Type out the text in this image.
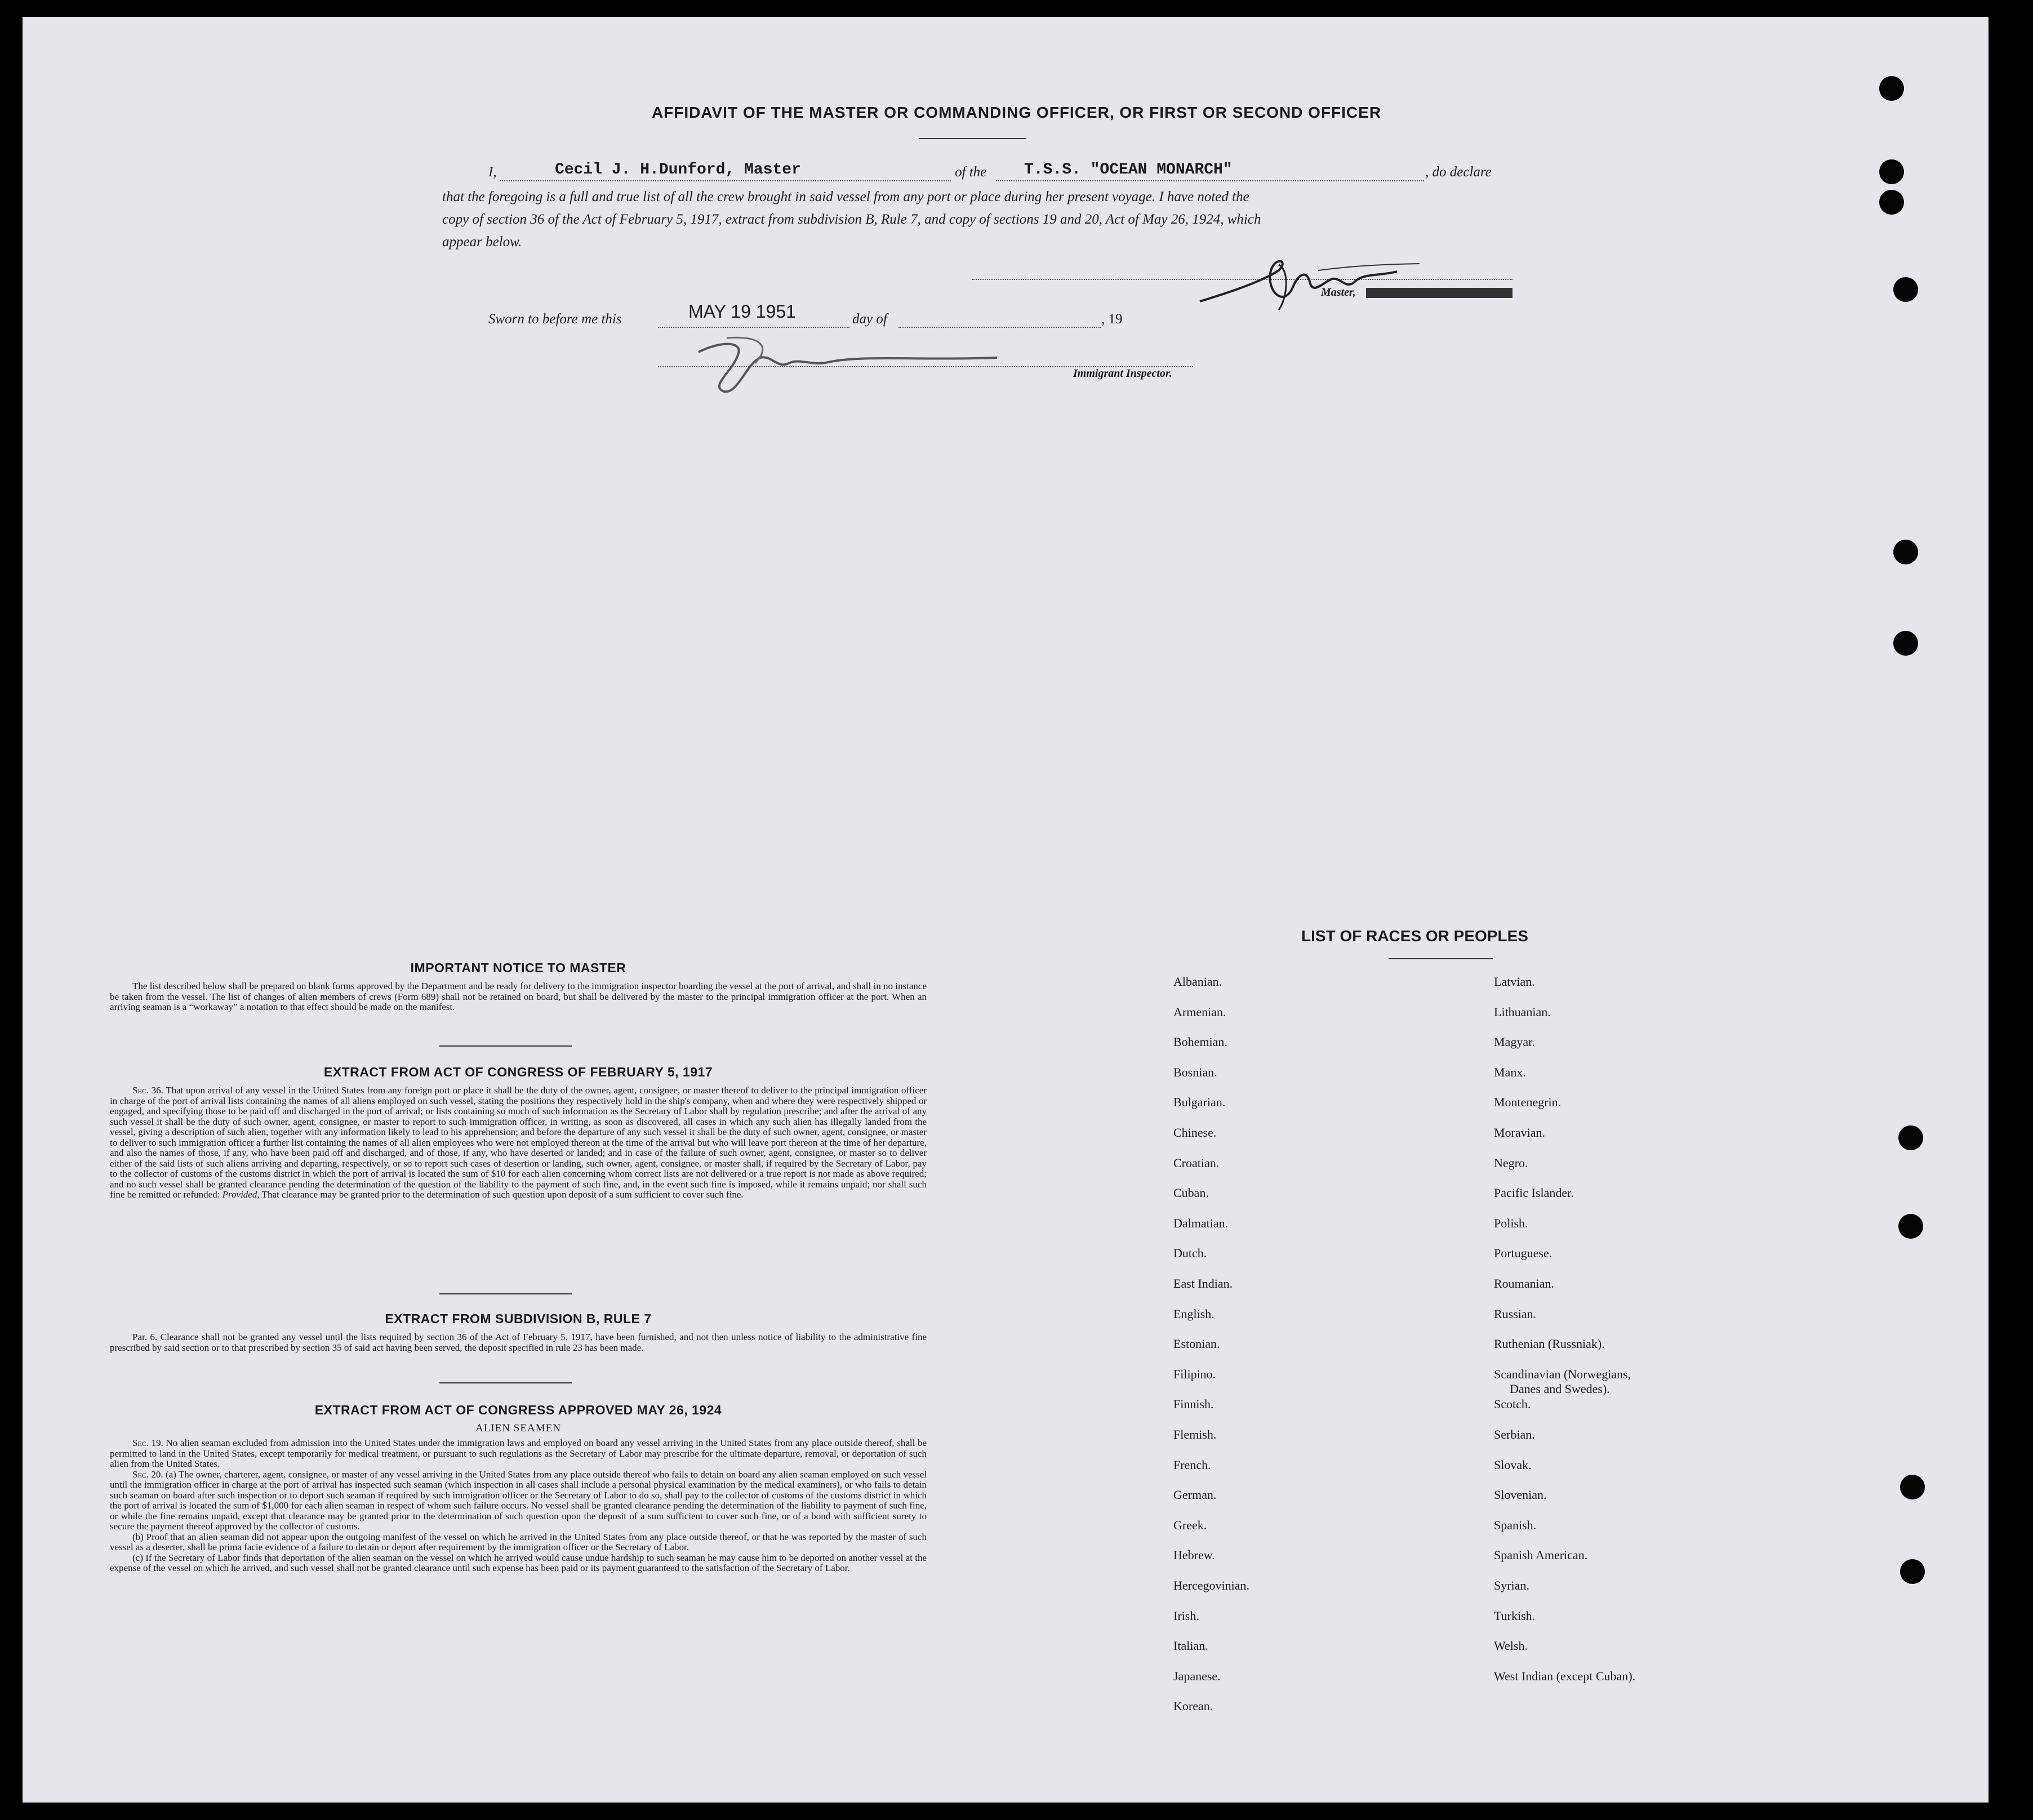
AFFIDAVIT OF THE MASTER OR COMMANDING OFFICER, OR FIRST OR SECOND OFFICER
I,	Cecil J. H.Dunford, Master	of the T.S.S. "OCEAN MONARCH"	, do declare
that the foregoing is a full and true list of all the crew brought in said vessel from any port or place during her present voyage. I have noted the
copy of section 36 of the Act of February 5, 1917, extract from subdivision B, Rule 7, and copy of sections 19 and 20, Act of May 26, 1924, which
appear below.
Master,
Sworn to before me this	MAY 19 1951	day of	, 19
Immigrant Inspector.
IMPORTANT NOTICE TO MASTER

The list described below shall be prepared on blank forms approved by the Department and be ready for delivery to the immigration inspector boarding the vessel at the port of arrival, and shall in no instance be taken from the vessel. The list of changes of alien members of crews (Form 689) shall not be retained on board, but shall be delivered by the master to the principal immigration officer at the port. When an arriving seaman is a “workaway” a notation to that effect should be made on the manifest.

EXTRACT FROM ACT OF CONGRESS OF FEBRUARY 5, 1917

Sec. 36. That upon arrival of any vessel in the United States from any foreign port or place it shall be the duty of the owner, agent, consignee, or master thereof to deliver to the principal immigration officer in charge of the port of arrival lists containing the names of all aliens employed on such vessel, stating the positions they respectively hold in the ship's company, when and where they were respectively shipped or engaged, and specifying those to be paid off and discharged in the port of arrival; or lists containing so much of such information as the Secretary of Labor shall by regulation prescribe; and after the arrival of any such vessel it shall be the duty of such owner, agent, consignee, or master to report to such immigration officer, in writing, as soon as discovered, all cases in which any such alien has illegally landed from the vessel, giving a description of such alien, together with any information likely to lead to his apprehension; and before the departure of any such vessel it shall be the duty of such owner, agent, consignee, or master to deliver to such immigration officer a further list containing the names of all alien employees who were not employed thereon at the time of the arrival but who will leave port thereon at the time of her departure, and also the names of those, if any, who have been paid off and discharged, and of those, if any, who have deserted or landed; and in case of the failure of such owner, agent, consignee, or master so to deliver either of the said lists of such aliens arriving and departing, respectively, or so to report such cases of desertion or landing, such owner, agent, consignee, or master shall, if required by the Secretary of Labor, pay to the collector of customs of the customs district in which the port of arrival is located the sum of $10 for each alien concerning whom correct lists are not delivered or a true report is not made as above required; and no such vessel shall be granted clearance pending the determination of the question of the liability to the payment of such fine, and, in the event such fine is imposed, while it remains unpaid; nor shall such fine be remitted or refunded: Provided, That clearance may be granted prior to the determination of such question upon deposit of a sum sufficient to cover such fine.

EXTRACT FROM SUBDIVISION B, RULE 7

Par. 6. Clearance shall not be granted any vessel until the lists required by section 36 of the Act of February 5, 1917, have been furnished, and not then unless notice of liability to the administrative fine prescribed by said section or to that prescribed by section 35 of said act having been served, the deposit specified in rule 23 has been made.

EXTRACT FROM ACT OF CONGRESS APPROVED MAY 26, 1924
ALIEN SEAMEN

Sec. 19. No alien seaman excluded from admission into the United States under the immigration laws and employed on board any vessel arriving in the United States from any place outside thereof, shall be permitted to land in the United States, except temporarily for medical treatment, or pursuant to such regulations as the Secretary of Labor may prescribe for the ultimate departure, removal, or deportation of such alien from the United States.

Sec. 20. (a) The owner, charterer, agent, consignee, or master of any vessel arriving in the United States from any place outside thereof who fails to detain on board any alien seaman employed on such vessel until the immigration officer in charge at the port of arrival has inspected such seaman (which inspection in all cases shall include a personal physical examination by the medical examiners), or who fails to detain such seaman on board after such inspection or to deport such seaman if required by such immigration officer or the Secretary of Labor to do so, shall pay to the collector of customs of the customs district in which the port of arrival is located the sum of $1,000 for each alien seaman in respect of whom such failure occurs. No vessel shall be granted clearance pending the determination of the liability to payment of such fine, or while the fine remains unpaid, except that clearance may be granted prior to the determination of such question upon the deposit of a sum sufficient to cover such fine, or of a bond with sufficient surety to secure the payment thereof approved by the collector of customs.

(b) Proof that an alien seaman did not appear upon the outgoing manifest of the vessel on which he arrived in the United States from any place outside thereof, or that he was reported by the master of such vessel as a deserter, shall be prima facie evidence of a failure to detain or deport after requirement by the immigration officer or the Secretary of Labor.

(c) If the Secretary of Labor finds that deportation of the alien seaman on the vessel on which he arrived would cause undue hardship to such seaman he may cause him to be deported on another vessel at the expense of the vessel on which he arrived, and such vessel shall not be granted clearance until such expense has been paid or its payment guaranteed to the satisfaction of the Secretary of Labor.

LIST OF RACES OR PEOPLES
Albanian.
Armenian.
Bohemian.
Bosnian.
Bulgarian.
Chinese.
Croatian.
Cuban.
Dalmatian.
Dutch.
East Indian.
English.
Estonian.
Filipino.
Finnish.
Flemish.
French.
German.
Greek.
Hebrew.
Hercegovinian.
Irish.
Italian.
Japanese.
Korean.
Latvian.
Lithuanian.
Magyar.
Manx.
Montenegrin.
Moravian.
Negro.
Pacific Islander.
Polish.
Portuguese.
Roumanian.
Russian.
Ruthenian (Russniak).
Scandinavian (Norwegians,
Danes and Swedes).
Scotch.
Serbian.
Slovak.
Slovenian.
Spanish.
Spanish American.
Syrian.
Turkish.
Welsh.
West Indian (except Cuban).
